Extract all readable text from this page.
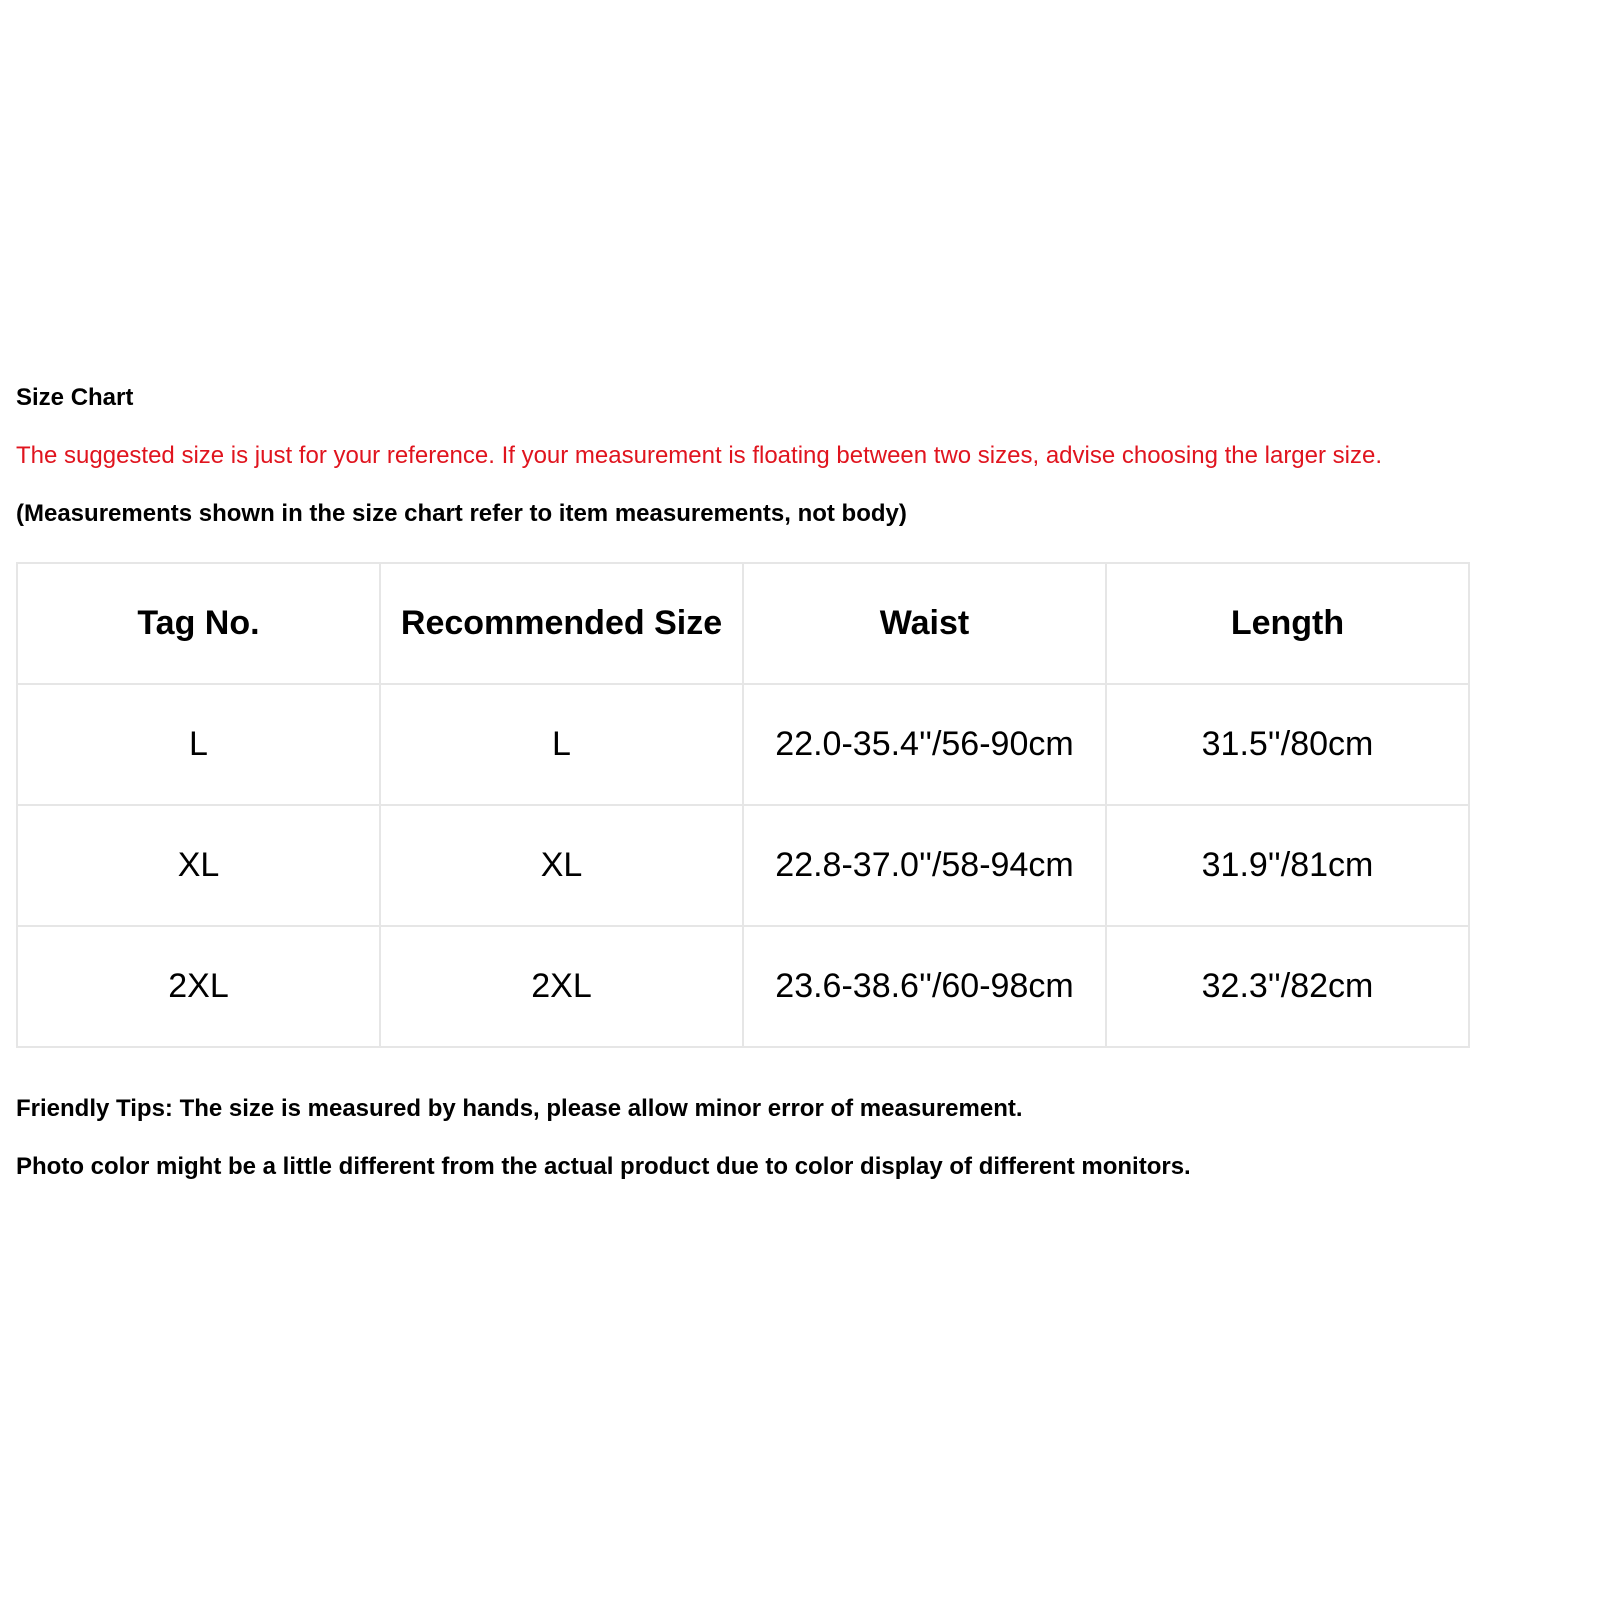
Size Chart
The suggested size is just for your reference. If your measurement is floating between two sizes, advise choosing the larger size.
(Measurements shown in the size chart refer to item measurements, not body)
Tag No.	Recommended Size	Waist	Length
L	L	22.0-35.4''/56-90cm	31.5''/80cm
XL	XL	22.8-37.0''/58-94cm	31.9''/81cm
2XL	2XL	23.6-38.6''/60-98cm	32.3''/82cm
Friendly Tips: The size is measured by hands, please allow minor error of measurement.
Photo color might be a little different from the actual product due to color display of different monitors.
